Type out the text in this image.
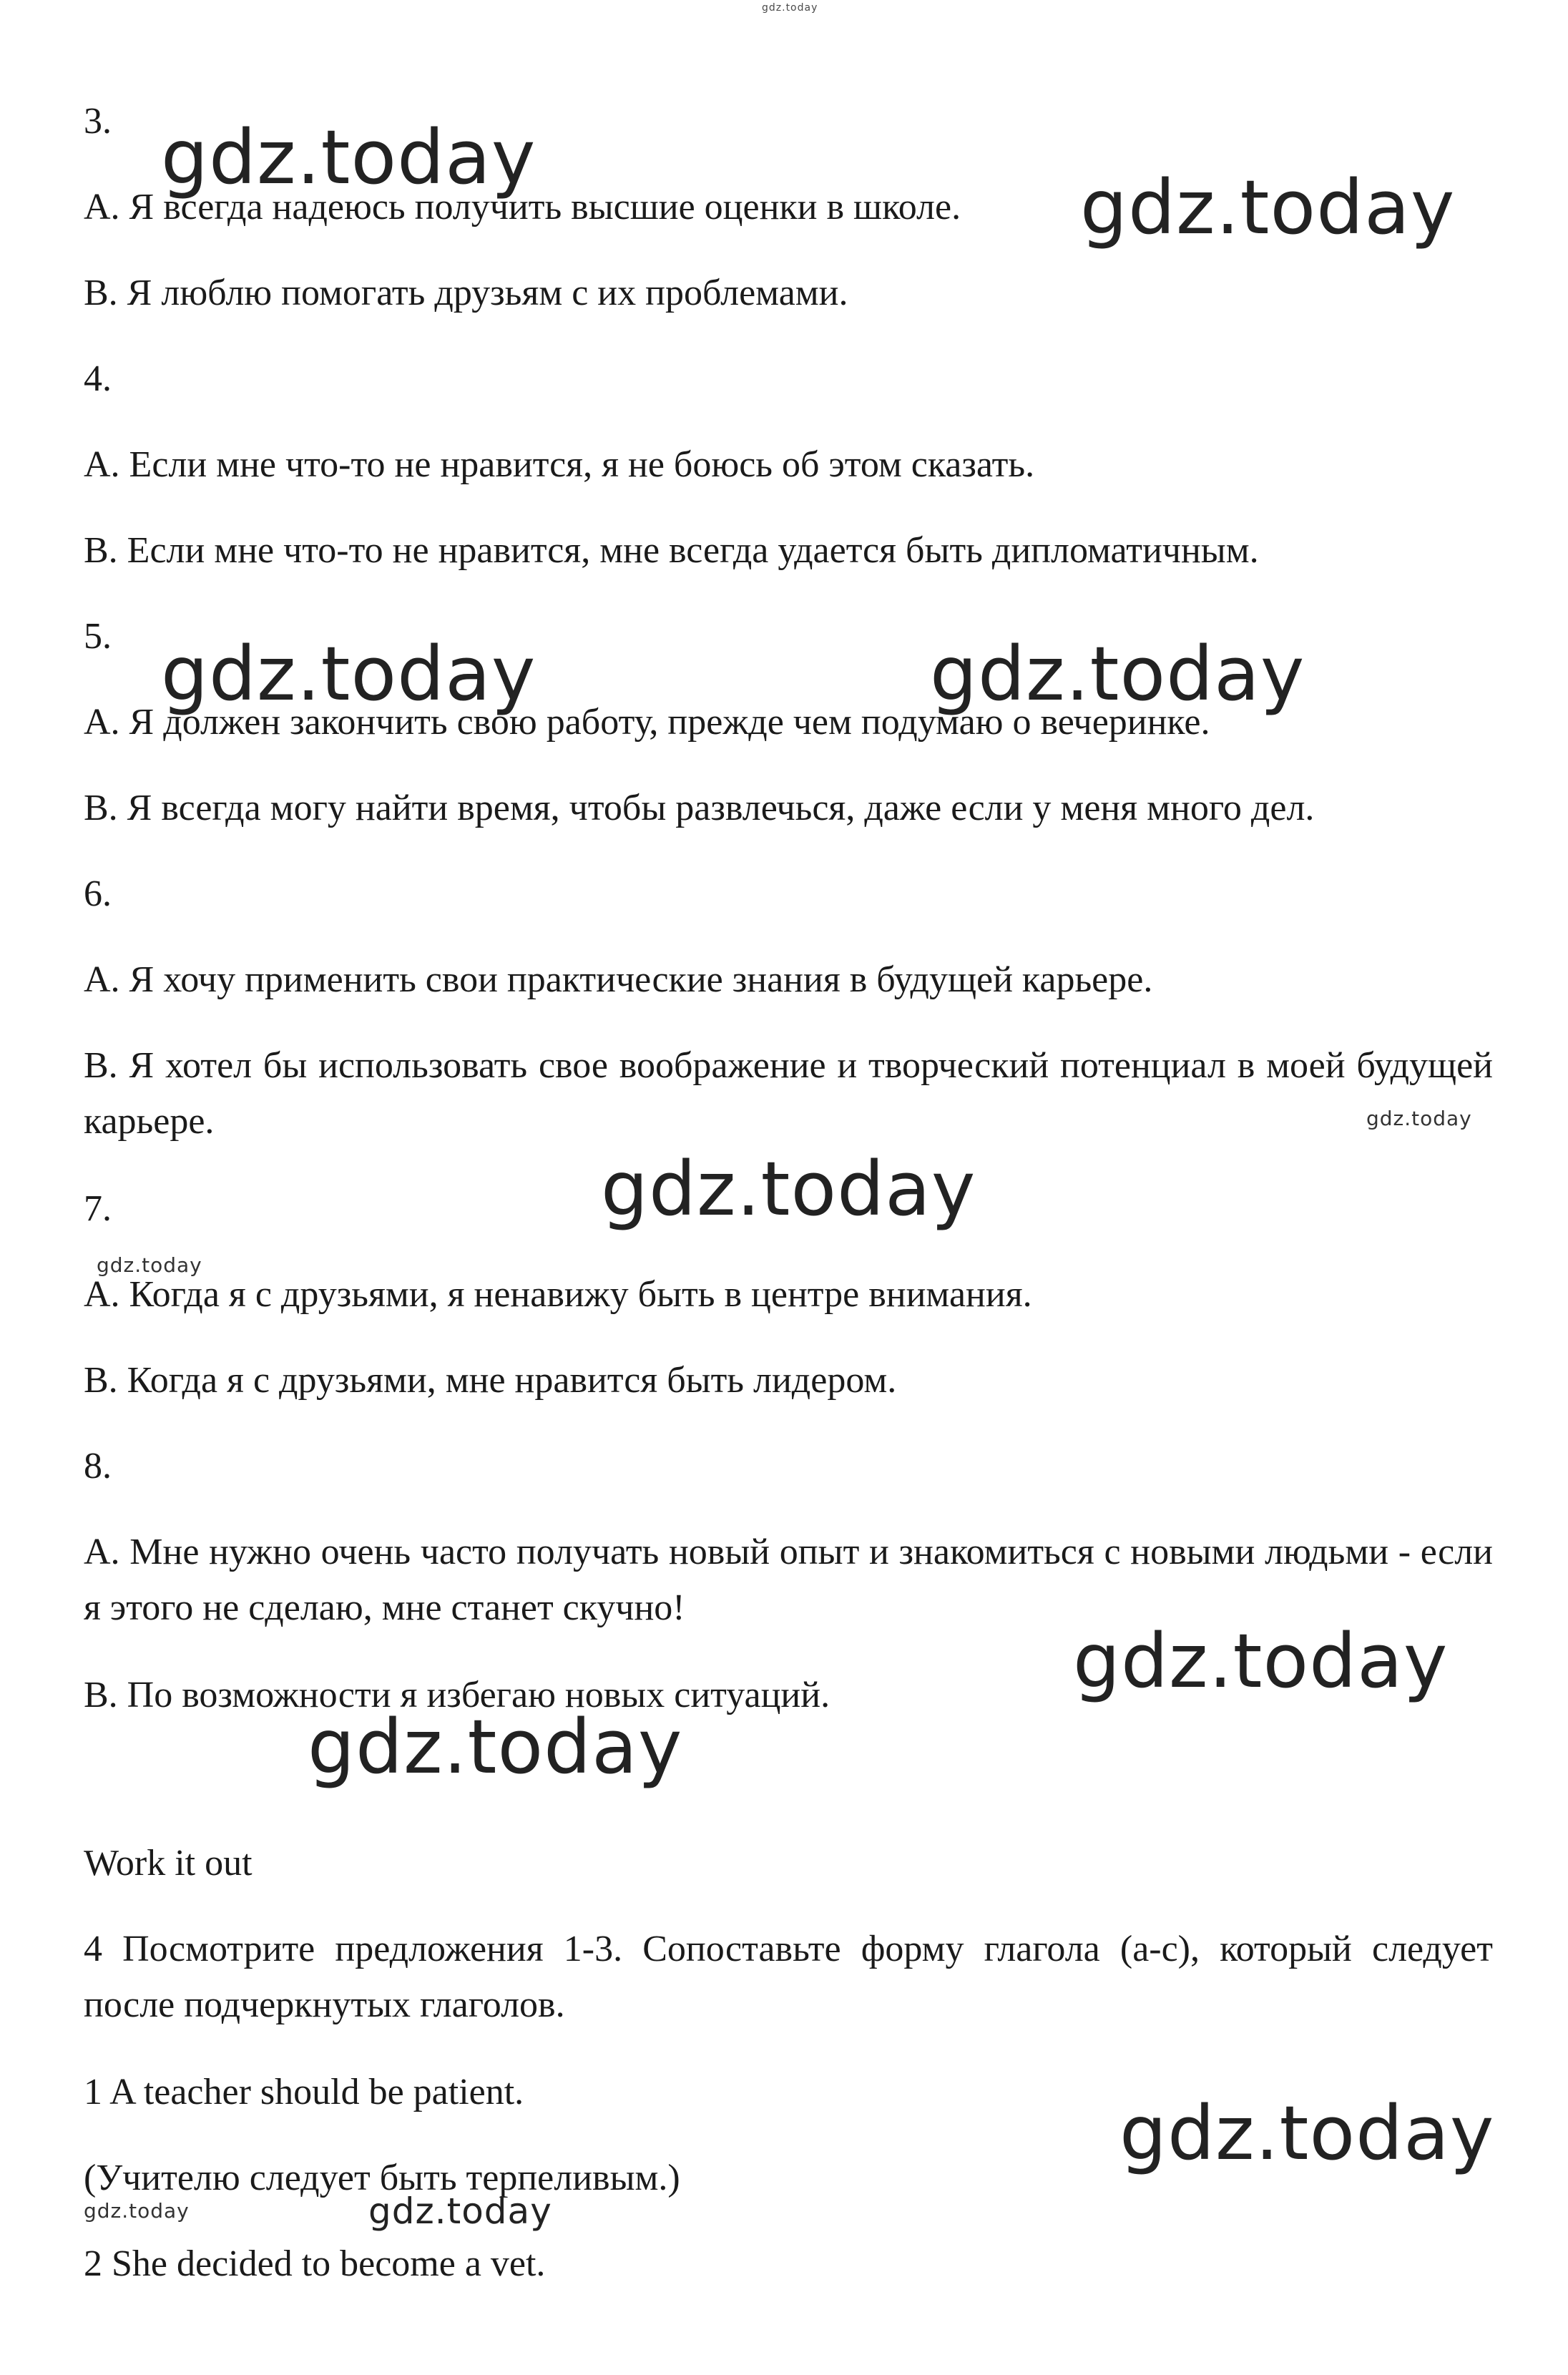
3.

A. Я всегда надеюсь получить высшие оценки в школе.

B. Я люблю помогать друзьям с их проблемами.

4.

A. Если мне что-то не нравится, я не боюсь об этом сказать.

B. Если мне что-то не нравится, мне всегда удается быть дипломатичным.

5.

A. Я должен закончить свою работу, прежде чем подумаю о вечеринке.

B. Я всегда могу найти время, чтобы развлечься, даже если у меня много дел.

6.

A. Я хочу применить свои практические знания в будущей карьере.

B. Я хотел бы использовать свое воображение и творческий потенциал в моей будущей карьере.

7.

A. Когда я с друзьями, я ненавижу быть в центре внимания.

B. Когда я с друзьями, мне нравится быть лидером.

8.

A. Мне нужно очень часто получать новый опыт и знакомиться с новыми людьми - если я этого не сделаю, мне станет скучно!

B. По возможности я избегаю новых ситуаций.

Work it out

4 Посмотрите предложения 1-3. Сопоставьте форму глагола (a-c), который следует после подчеркнутых глаголов.

1 A teacher should be patient.

(Учителю следует быть терпеливым.)

2 She decided to become a vet.

gdz.today
gdz.today
gdz.today
gdz.today	gdz.today
gdz.today
gdz.today
gdz.today
gdz.today
gdz.today
gdz.today
gdz.today	gdz.today
